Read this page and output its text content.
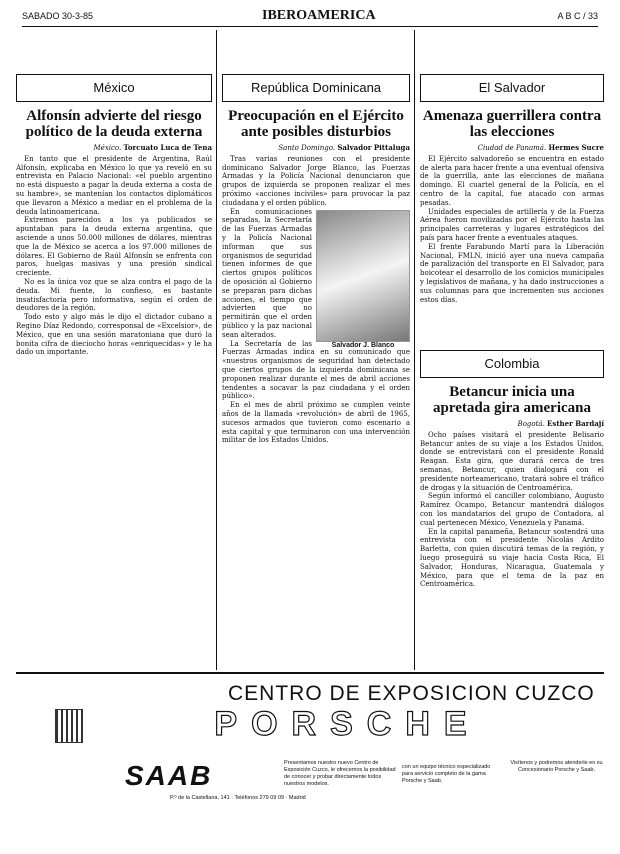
SABADO 30-3-85	IBEROAMERICA	A B C / 33
México
Alfonsín advierte del riesgo político de la deuda externa
México. Torcuato Luca de Tena

En tanto que el presidente de Argentina, Raúl Alfonsín, explicaba en México lo que ya reveló en su entrevista en Palacio Nacional: «el pueblo argentino no está dispuesto a pagar la deuda externa a costa de su hambre», se mantenían los contactos diplomáticos que llevaron a México a mediar en el problema de la deuda latinoamericana.

Extremos parecidos a los ya publicados se apuntaban para la deuda externa argentina, que asciende a unos 50.000 millones de dólares, mientras que la de México se acerca a los 97.000 millones de dólares. El Gobierno de Raúl Alfonsín se enfrenta con paros, huelgas masivas y una presión sindical creciente.

No es la única voz que se alza contra el pago de la deuda. Mi fuente, lo confieso, es bastante insatisfactoria pero informativa, según el orden de deudores de la región.

Todo esto y algo más le dijo el dictador cubano a Regino Díaz Redondo, corresponsal de «Excelsior», de México, que en una sesión maratoniana que duró la bonita cifra de dieciocho horas «enriquecidas» y le ha dado un importante.

República Dominicana
Preocupación en el Ejército ante posibles disturbios
Santo Domingo. Salvador Pittaluga

Tras varias reuniones con el presidente dominicano Salvador Jorge Blanco, las Fuerzas Armadas y la Policía Nacional denunciaron que grupos de izquierda se proponen realizar el mes próximo «acciones inciviles» para provocar la paz ciudadana y el orden público.

Salvador J. Blanco

En comunicaciones separadas, la Secretaría de las Fuerzas Armadas y la Policía Nacional informan que sus organismos de seguridad tienen informes de que ciertos grupos políticos de oposición al Gobierno se preparan para dichas acciones, el tiempo que advierten que no permitirán que el orden público y la paz nacional sean alterados.

La Secretaría de las Fuerzas Armadas indica en su comunicado que «nuestros organismos de seguridad han detectado que ciertos grupos de la izquierda dominicana se proponen realizar durante el mes de abril acciones tendentes a socavar la paz ciudadana y el orden público».

En el mes de abril próximo se cumplen veinte años de la llamada «revolución» de abril de 1965, sucesos armados que tuvieron como escenario a esta capital y que terminaron con una intervención militar de los Estados Unidos.

El Salvador
Amenaza guerrillera contra las elecciones
Ciudad de Panamá. Hermes Sucre

El Ejército salvadoreño se encuentra en estado de alerta para hacer frente a una eventual ofensiva de la guerrilla, ante las elecciones de mañana domingo. El cuartel general de la Policía, en el centro de la capital, fue atacado con armas pesadas.

Unidades especiales de artillería y de la Fuerza Aérea fueron movilizadas por el Ejército hasta las principales carreteras y lugares estratégicos del país para hacer frente a eventuales ataques.

El frente Farabundo Martí para la Liberación Nacional, FMLN, inició ayer una nueva campaña de paralización del transporte en El Salvador, para boicotear el desarrollo de los comicios municipales y legislativos de mañana, y ha dado instrucciones a sus columnas para que incrementen sus acciones estos días.

Colombia
Betancur inicia una apretada gira americana
Bogotá. Esther Bardají

Ocho países visitará el presidente Belisario Betancur antes de su viaje a los Estados Unidos, donde se entrevistará con el presidente Ronald Reagan. Esta gira, que durará cerca de tres semanas, Betancur, quien dialogará con el presidente norteamericano, tratará sobre el tráfico de drogas y la situación de Centroamérica.

Según informó el canciller colombiano, Augusto Ramírez Ocampo, Betancur mantendrá diálogos con los mandatarios del grupo de Contadora, al cual pertenecen México, Venezuela y Panamá.

En la capital panameña, Betancur sostendrá una entrevista con el presidente Nicolás Ardito Barletta, con quien discutirá temas de la región, y luego proseguirá su viaje hacia Costa Rica, El Salvador, Honduras, Nicaragua, Guatemala y México, para que el tema de la paz en Centroamérica.

CENTRO DE EXPOSICION CUZCO
PORSCHE
SAAB	Presentamos nuestro nuevo Centro de Exposición Cuzco, le ofrecemos la posibilidad de conocer y probar directamente todos nuestros modelos.
con un equipo técnico especializado para servicio completo de la gama Porsche y Saab.
Visítenos y podremos atenderle en su Concesionario Porsche y Saab.
P.º de la Castellana, 141 · Teléfonos 279 09 09 · Madrid
